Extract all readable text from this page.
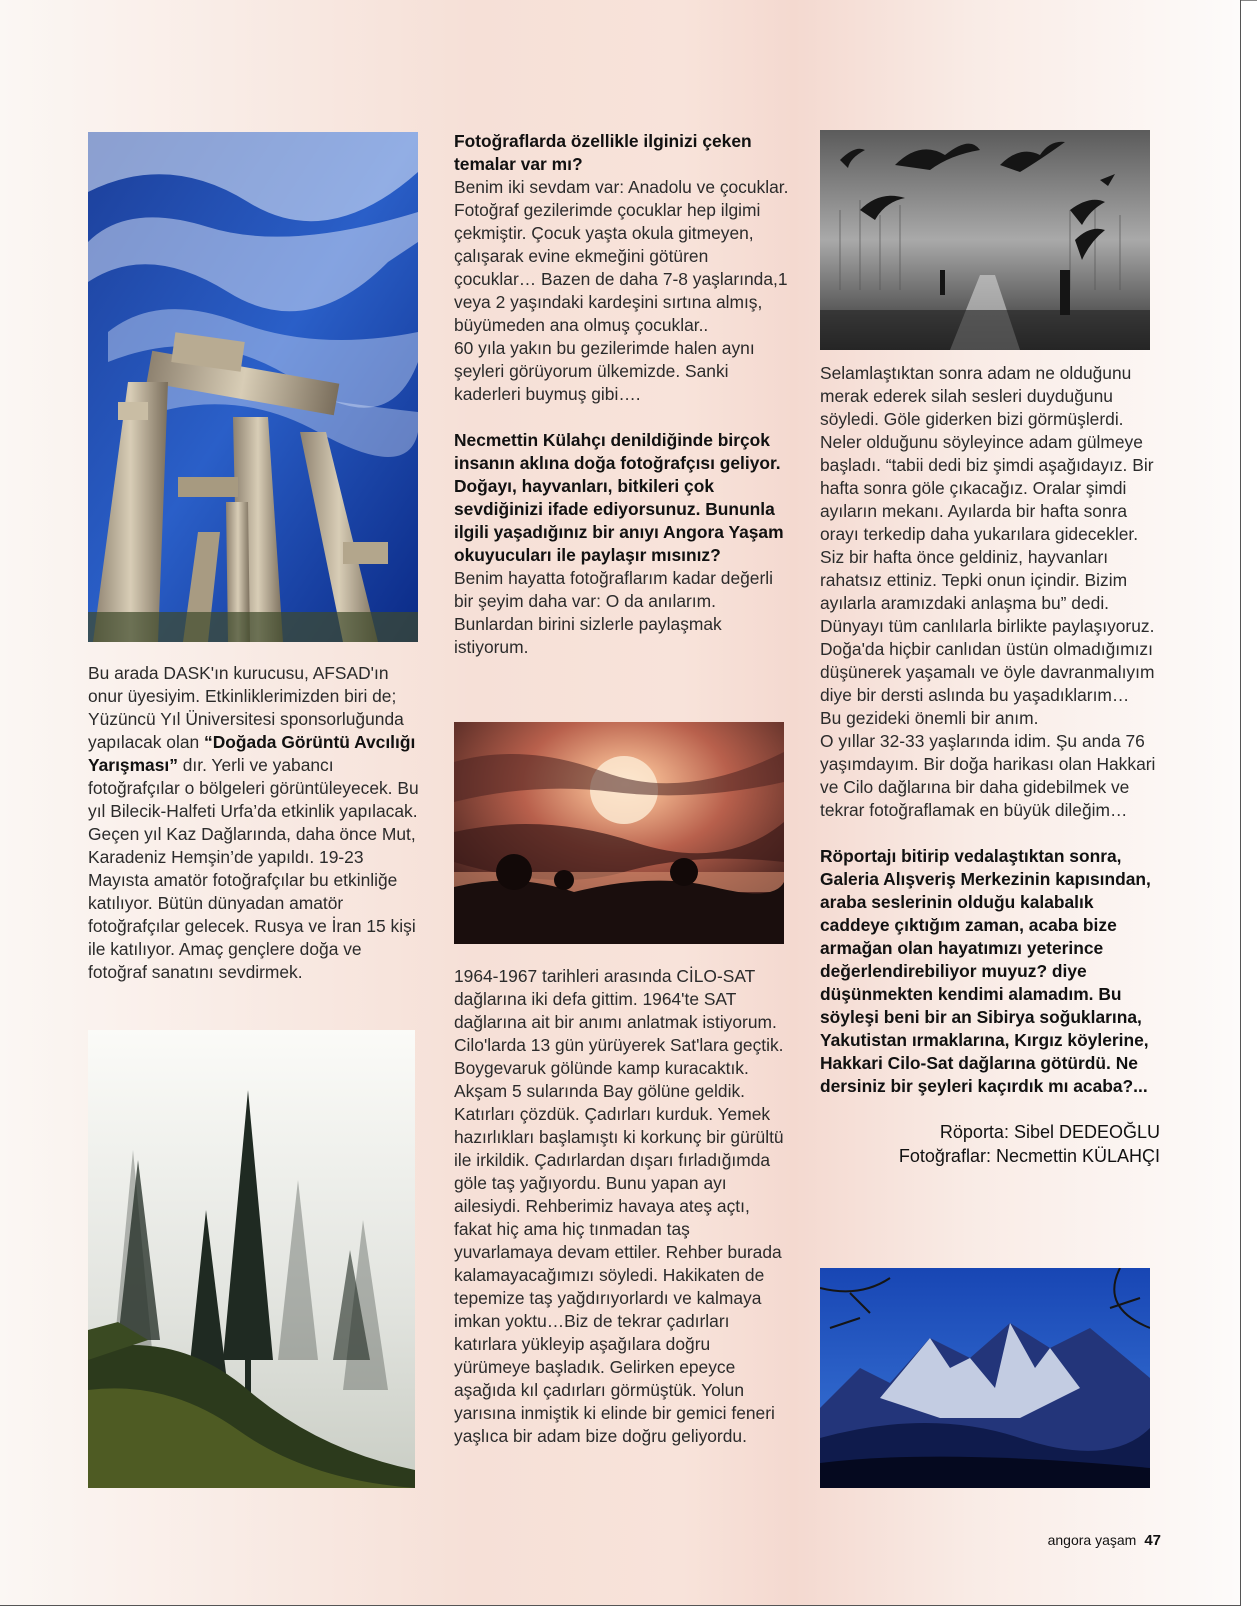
Bu arada DASK'ın kurucusu, AFSAD'ın onur üyesiyim. Etkinliklerimizden biri de; Yüzüncü Yıl Üniversitesi sponsorluğunda yapılacak olan “Doğada Görüntü Avcılığı Yarışması” dır. Yerli ve yabancı fotoğrafçılar o bölgeleri görüntüleyecek. Bu yıl Bilecik-Halfeti Urfa’da etkinlik yapılacak. Geçen yıl Kaz Dağlarında, daha önce Mut, Karadeniz Hemşin’de yapıldı. 19-23 Mayısta amatör fotoğrafçılar bu etkinliğe katılıyor. Bütün dünyadan amatör fotoğrafçılar gelecek. Rusya ve İran 15 kişi ile katılıyor. Amaç gençlere doğa ve fotoğraf sanatını sevdirmek.

Fotoğraflarda özellikle ilginizi çeken temalar var mı?

Benim iki sevdam var: Anadolu ve çocuklar.
Fotoğraf gezilerimde çocuklar hep ilgimi çekmiştir. Çocuk yaşta okula gitmeyen, çalışarak evine ekmeğini götüren çocuklar… Bazen de daha 7-8 yaşlarında,1 veya 2 yaşındaki kardeşini sırtına almış, büyümeden ana olmuş çocuklar..
60 yıla yakın bu gezilerimde halen aynı şeyleri görüyorum ülkemizde. Sanki kaderleri buymuş gibi….

Necmettin Külahçı denildiğinde birçok insanın aklına doğa fotoğrafçısı geliyor. Doğayı, hayvanları, bitkileri çok sevdiğinizi ifade ediyorsunuz. Bununla ilgili yaşadığınız bir anıyı Angora Yaşam okuyucuları ile paylaşır mısınız?

Benim hayatta fotoğraflarım kadar değerli bir şeyim daha var: O da anılarım. Bunlardan birini sizlerle paylaşmak istiyorum.

1964-1967 tarihleri arasında CİLO-SAT dağlarına iki defa gittim. 1964'te SAT dağlarına ait bir anımı anlatmak istiyorum. Cilo'larda 13 gün yürüyerek Sat'lara geçtik. Boygevaruk gölünde kamp kuracaktık. Akşam 5 sularında Bay gölüne geldik. Katırları çözdük. Çadırları kurduk. Yemek hazırlıkları başlamıştı ki korkunç bir gürültü ile irkildik. Çadırlardan dışarı fırladığımda göle taş yağıyordu. Bunu yapan ayı ailesiydi. Rehberimiz havaya ateş açtı, fakat hiç ama hiç tınmadan taş yuvarlamaya devam ettiler. Rehber burada kalamayacağımızı söyledi. Hakikaten de tepemize taş yağdırıyorlardı ve kalmaya imkan yoktu…Biz de tekrar çadırları katırlara yükleyip aşağılara doğru yürümeye başladık. Gelirken epeyce aşağıda kıl çadırları görmüştük. Yolun yarısına inmiştik ki elinde bir gemici feneri yaşlıca bir adam bize doğru geliyordu.

Selamlaştıktan sonra adam ne olduğunu merak ederek silah sesleri duyduğunu söyledi. Göle giderken bizi görmüşlerdi. Neler olduğunu söyleyince adam gülmeye başladı. “tabii dedi biz şimdi aşağıdayız. Bir hafta sonra göle çıkacağız. Oralar şimdi ayıların mekanı. Ayılarda bir hafta sonra orayı terkedip daha yukarılara gidecekler. Siz bir hafta önce geldiniz, hayvanları rahatsız ettiniz. Tepki onun içindir. Bizim ayılarla aramızdaki anlaşma bu” dedi.
Dünyayı tüm canlılarla birlikte paylaşıyoruz. Doğa'da hiçbir canlıdan üstün olmadığımızı düşünerek yaşamalı ve öyle davranmalıyım diye bir dersti aslında bu yaşadıklarım…
Bu gezideki önemli bir anım.
O yıllar 32-33 yaşlarında idim. Şu anda 76 yaşımdayım. Bir doğa harikası olan Hakkari ve Cilo dağlarına bir daha gidebilmek ve tekrar fotoğraflamak en büyük dileğim…

Röportajı bitirip vedalaştıktan sonra, Galeria Alışveriş Merkezinin kapısından, araba seslerinin olduğu kalabalık caddeye çıktığım zaman, acaba bize armağan olan hayatımızı yeterince değerlendirebiliyor muyuz? diye düşünmekten kendimi alamadım. Bu söyleşi beni bir an Sibirya soğuklarına, Yakutistan ırmaklarına, Kırgız köylerine, Hakkari Cilo-Sat dağlarına götürdü. Ne dersiniz bir şeyleri kaçırdık mı acaba?...

Röporta: Sibel DEDEOĞLU

Fotoğraflar: Necmettin KÜLAHÇI

angora yaşam 47
